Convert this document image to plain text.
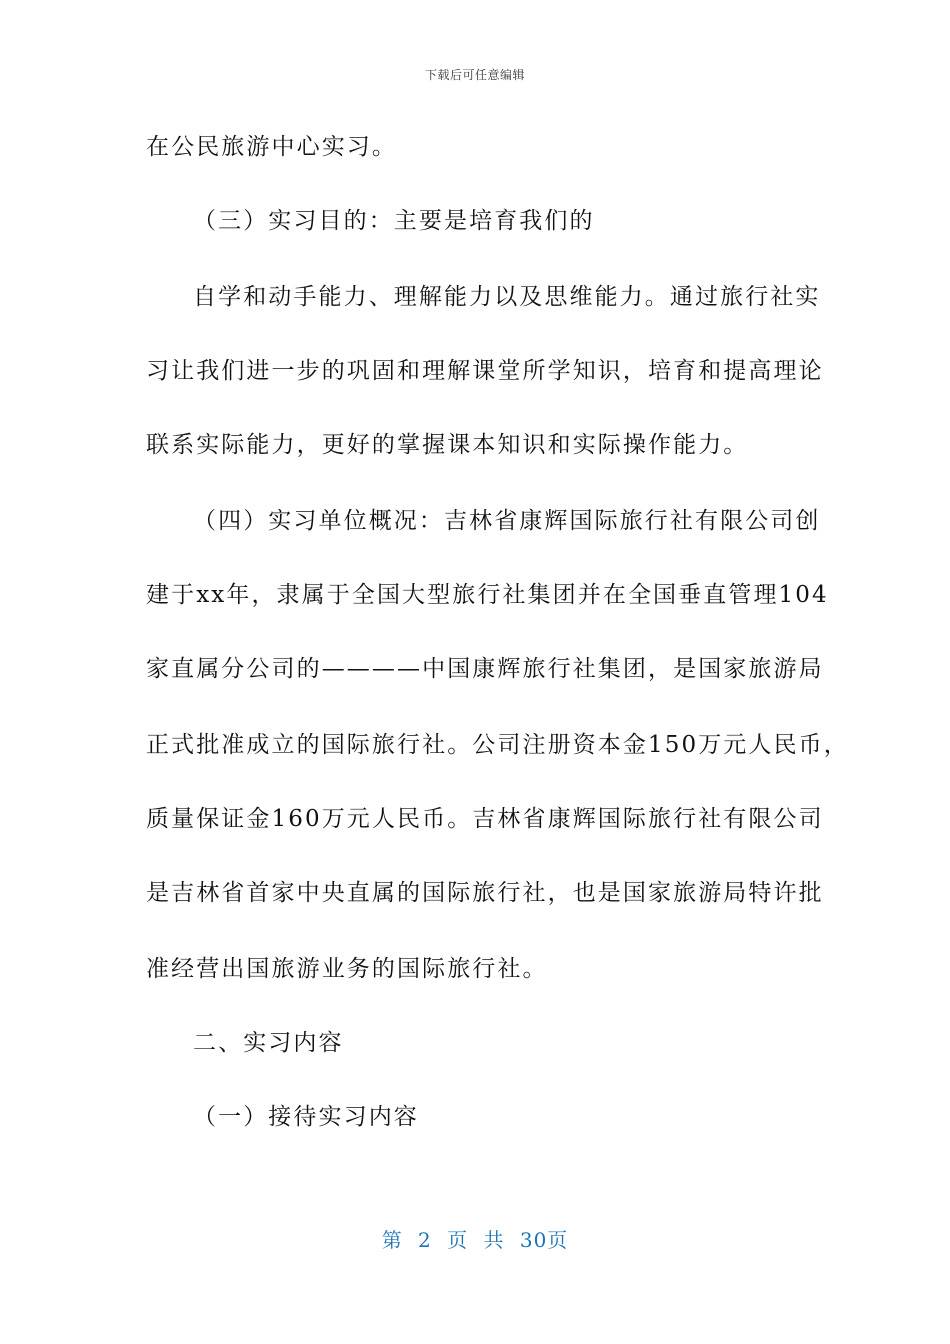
下载后可任意编辑
在公民旅游中心实习。
（三）实习目的：主要是培育我们的
自学和动手能力、理解能力以及思维能力。通过旅行社实
习让我们进一步的巩固和理解课堂所学知识，培育和提高理论
联系实际能力，更好的掌握课本知识和实际操作能力。
（四）实习单位概况：吉林省康辉国际旅行社有限公司创
建于xx年，隶属于全国大型旅行社集团并在全国垂直管理104
家直属分公司的————中国康辉旅行社集团，是国家旅游局
正式批准成立的国际旅行社。公司注册资本金150万元人民币，
质量保证金160万元人民币。吉林省康辉国际旅行社有限公司
是吉林省首家中央直属的国际旅行社，也是国家旅游局特许批
准经营出国旅游业务的国际旅行社。
二、实习内容
（一）接待实习内容
第 2 页 共 30页
